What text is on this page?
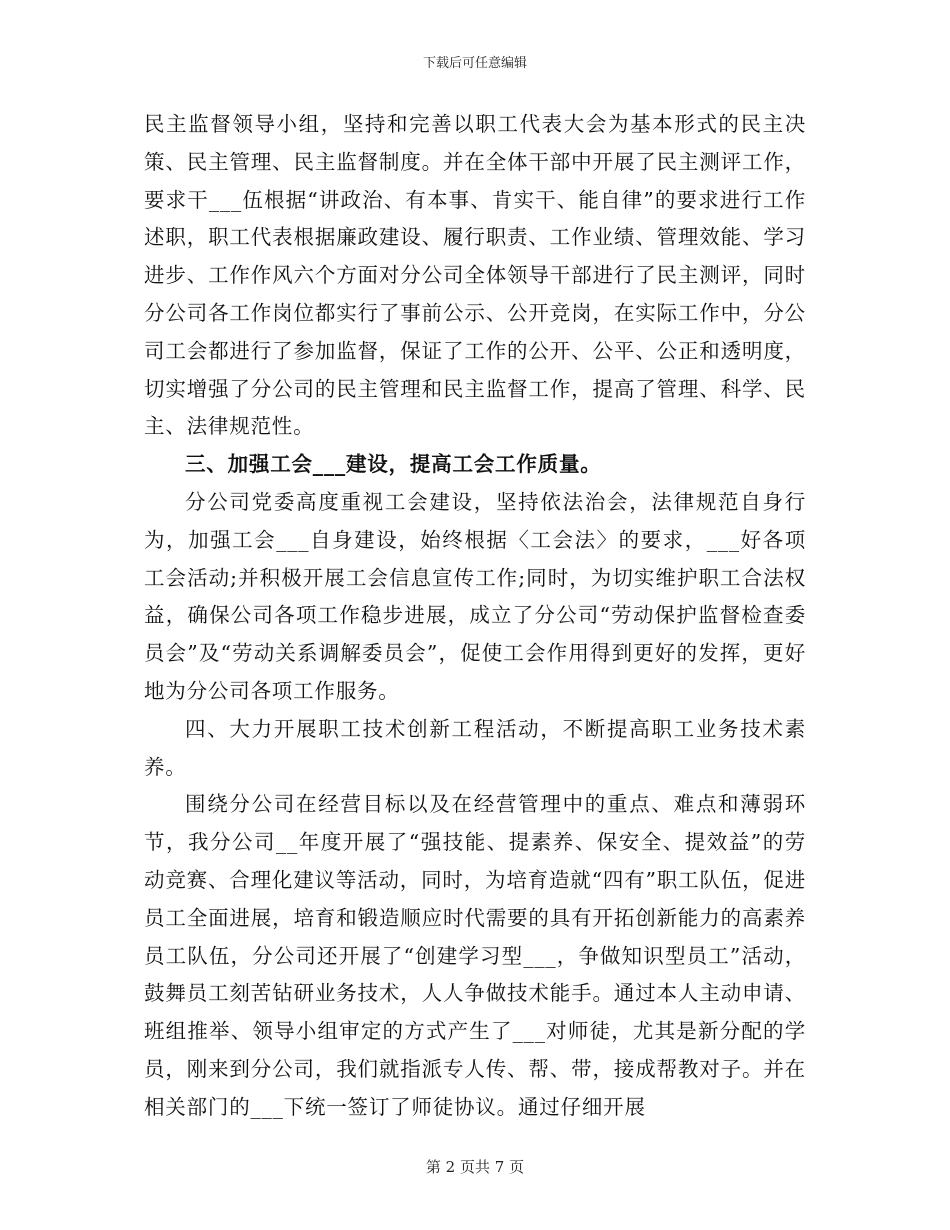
下载后可任意编辑

民主监督领导小组，坚持和完善以职工代表大会为基本形式的民主决策、民主管理、民主监督制度。并在全体干部中开展了民主测评工作，要求干___伍根据“讲政治、有本事、肯实干、能自律”的要求进行工作述职，职工代表根据廉政建设、履行职责、工作业绩、管理效能、学习进步、工作作风六个方面对分公司全体领导干部进行了民主测评，同时分公司各工作岗位都实行了事前公示、公开竞岗，在实际工作中，分公司工会都进行了参加监督，保证了工作的公开、公平、公正和透明度，切实增强了分公司的民主管理和民主监督工作，提高了管理、科学、民主、法律规范性。

三、加强工会___建设，提高工会工作质量。

分公司党委高度重视工会建设，坚持依法治会，法律规范自身行为，加强工会___自身建设，始终根据〈工会法〉的要求，___好各项工会活动;并积极开展工会信息宣传工作;同时，为切实维护职工合法权益，确保公司各项工作稳步进展，成立了分公司“劳动保护监督检查委员会”及“劳动关系调解委员会”，促使工会作用得到更好的发挥，更好地为分公司各项工作服务。

四、大力开展职工技术创新工程活动，不断提高职工业务技术素养。

围绕分公司在经营目标以及在经营管理中的重点、难点和薄弱环节，我分公司__年度开展了“强技能、提素养、保安全、提效益”的劳动竞赛、合理化建议等活动，同时，为培育造就“四有”职工队伍，促进员工全面进展，培育和锻造顺应时代需要的具有开拓创新能力的高素养员工队伍，分公司还开展了“创建学习型___，争做知识型员工”活动，鼓舞员工刻苦钻研业务技术，人人争做技术能手。通过本人主动申请、班组推举、领导小组审定的方式产生了___对师徒，尤其是新分配的学员，刚来到分公司，我们就指派专人传、帮、带，接成帮教对子。并在相关部门的___下统一签订了师徒协议。通过仔细开展

第 2 页共 7 页
